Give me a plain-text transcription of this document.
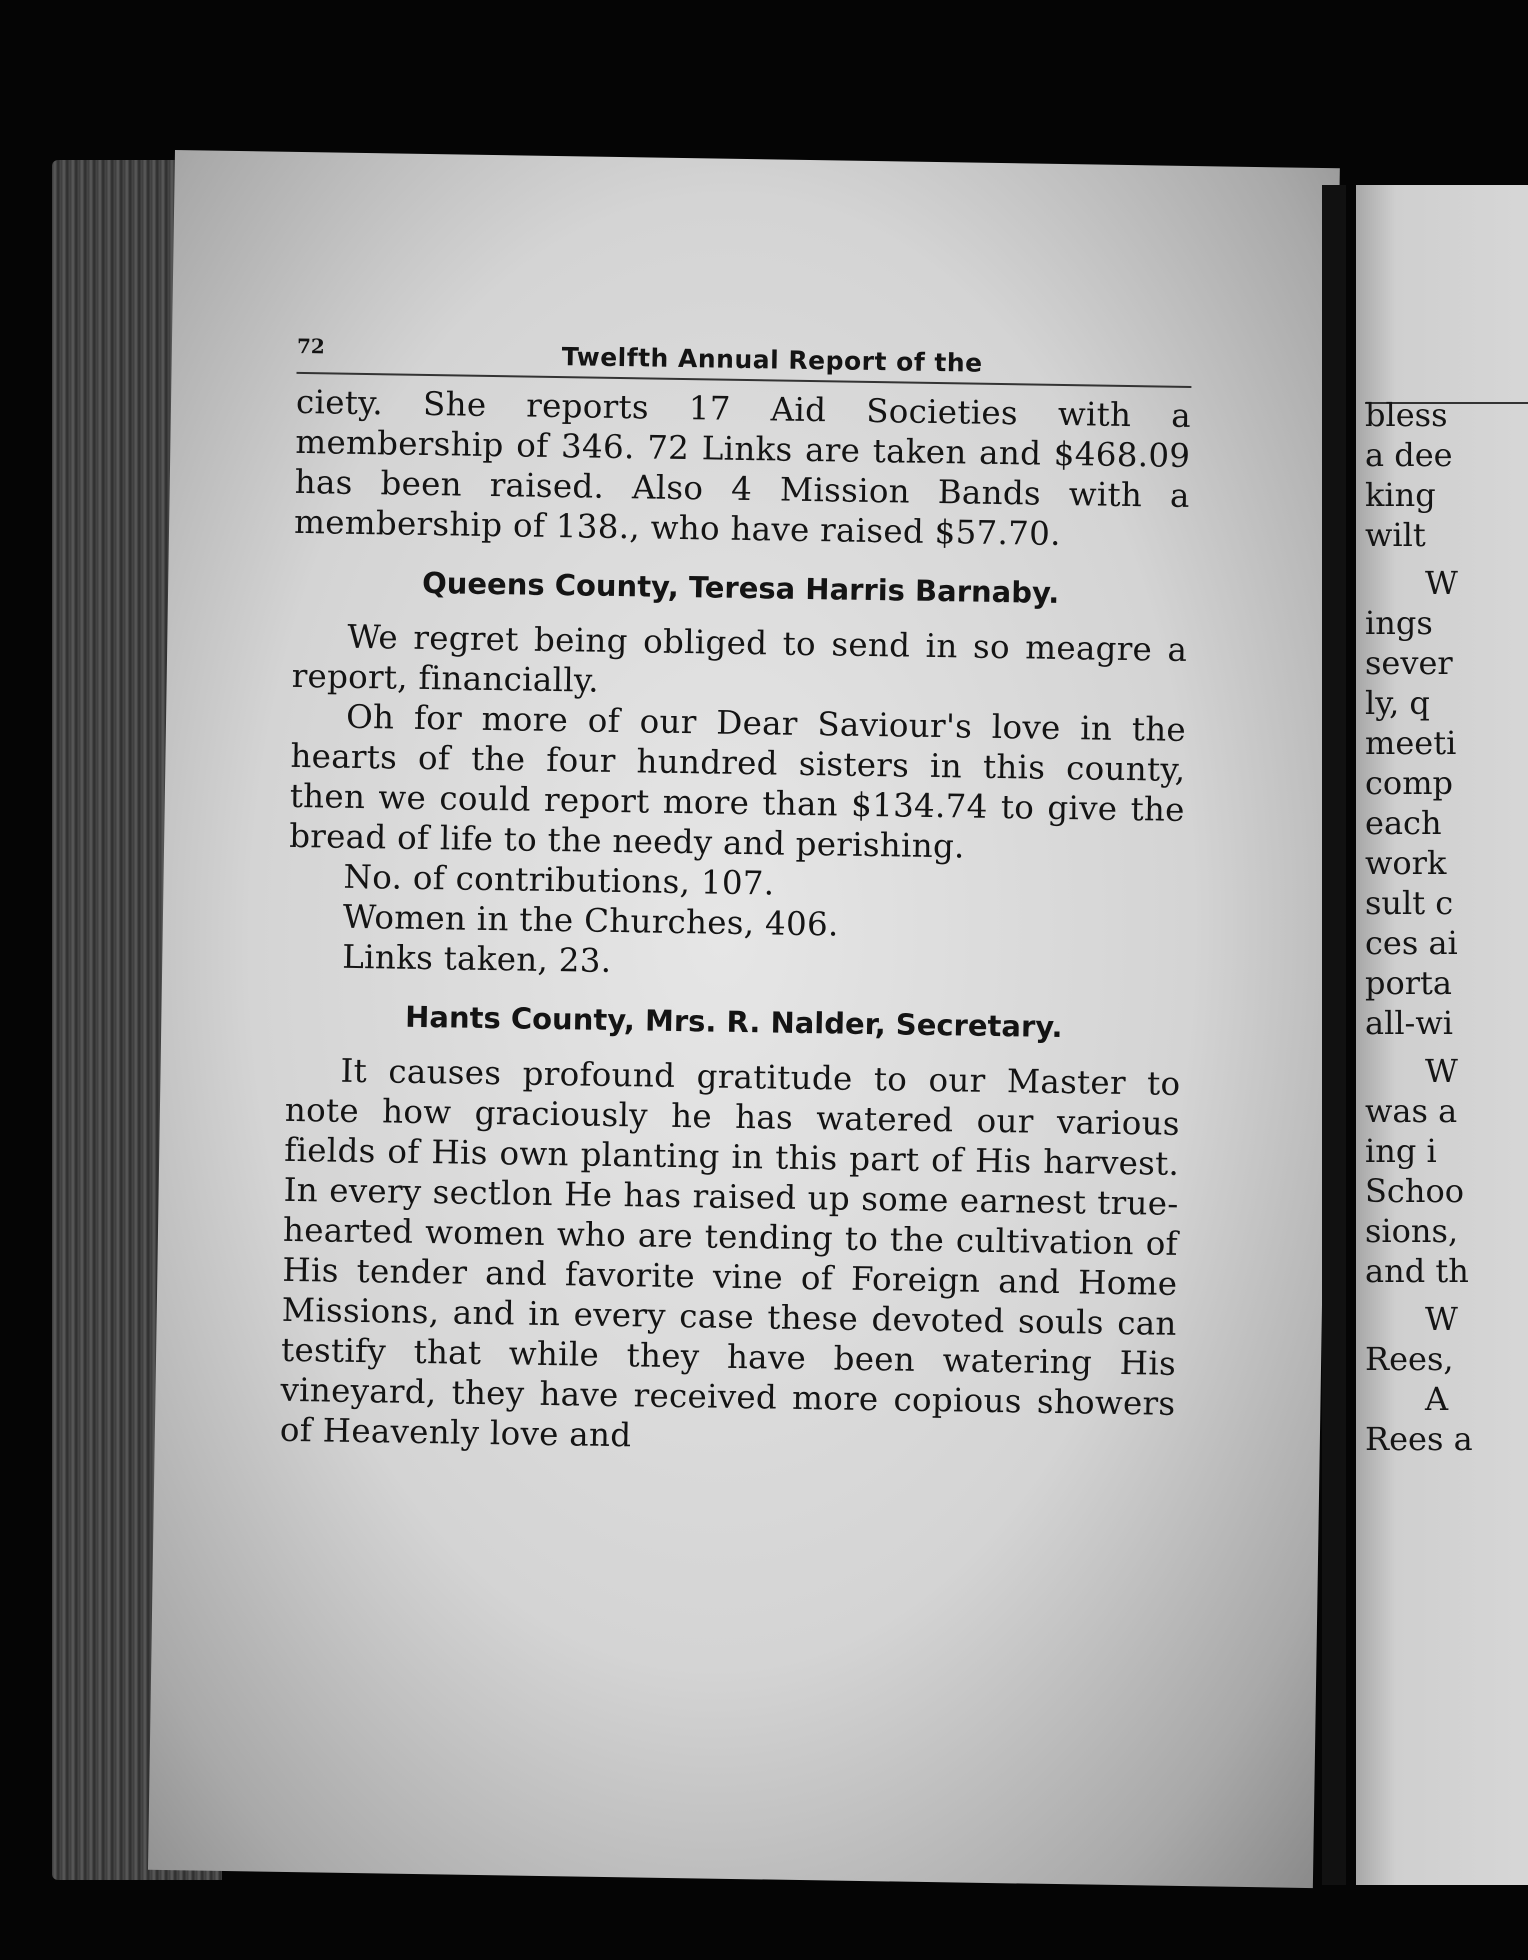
72	Twelfth Annual Report of the

ciety. She reports 17 Aid Societies with a membership of 346. 72 Links are taken and $468.09 has been raised. Also 4 Mission Bands with a membership of 138., who have raised $57.70.

Queens County, Teresa Harris Barnaby.

We regret being obliged to send in so meagre a report, financially.

Oh for more of our Dear Saviour's love in the hearts of the four hundred sisters in this county, then we could report more than $134.74 to give the bread of life to the needy and perishing.

No. of contributions, 107.
Women in the Churches, 406.
Links taken, 23.
Hants County, Mrs. R. Nalder, Secretary.

It causes profound gratitude to our Master to note how graciously he has watered our various fields of His own planting in this part of His harvest. In every sectlon He has raised up some earnest true-hearted women who are tending to the cultivation of His tender and favorite vine of Foreign and Home Missions, and in every case these devoted souls can testify that while they have been watering His vineyard, they have received more copious showers of Heavenly love and

bless
a dee
king
wilt
W
ings
sever
ly, q
meeti
comp
each
work
sult c
ces ai
porta
all-wi
W
was a
ing i
Schoo
sions,
and th
W
Rees,
A
Rees a
